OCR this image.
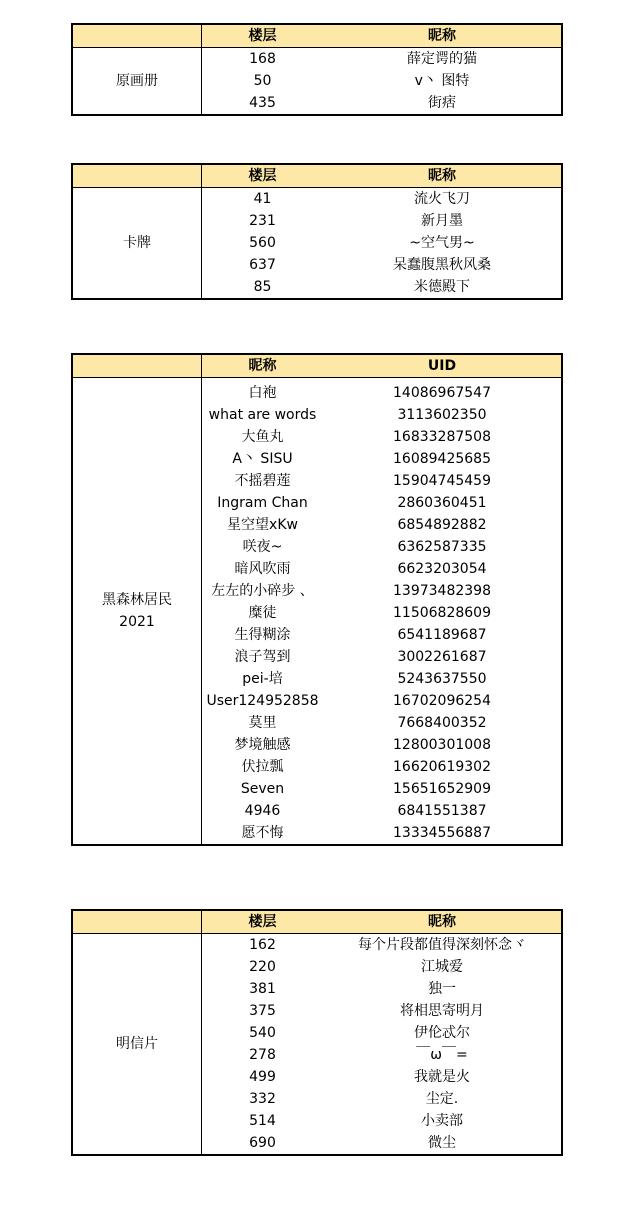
楼层	昵称
原画册
168	薛定谔的猫
50	v丶 图特
435	街痞
楼层	昵称
卡牌
41	流火飞刀
231	新月墨
560	~空气男~
637	呆蠢腹黑秋风桑
85	米德殿下
昵称	UID
黑森林居民
2021
白袍	14086967547
what are words	3113602350
大鱼丸	16833287508
A丶 SISU	16089425685
不摇碧莲	15904745459
Ingram Chan	2860360451
星空望xKw	6854892882
咲夜~	6362587335
暗风吹雨	6623203054
左左的小碎步 、	13973482398
糜徒	11506828609
生得糊涂	6541189687
浪子驾到	3002261687
pei-培	5243637550
User124952858	16702096254
莫里	7668400352
梦境触感	12800301008
伏拉瓢	16620619302
Seven	15651652909
4946	6841551387
愿不悔	13334556887
楼层	昵称
明信片
162	每个片段都值得深刻怀念ヾ
220	江城爱
381	独一
375	将相思寄明月
540	伊伦忒尔
278	￣ω￣=
499	我就是火
332	尘定.
514	小卖部
690	微尘
